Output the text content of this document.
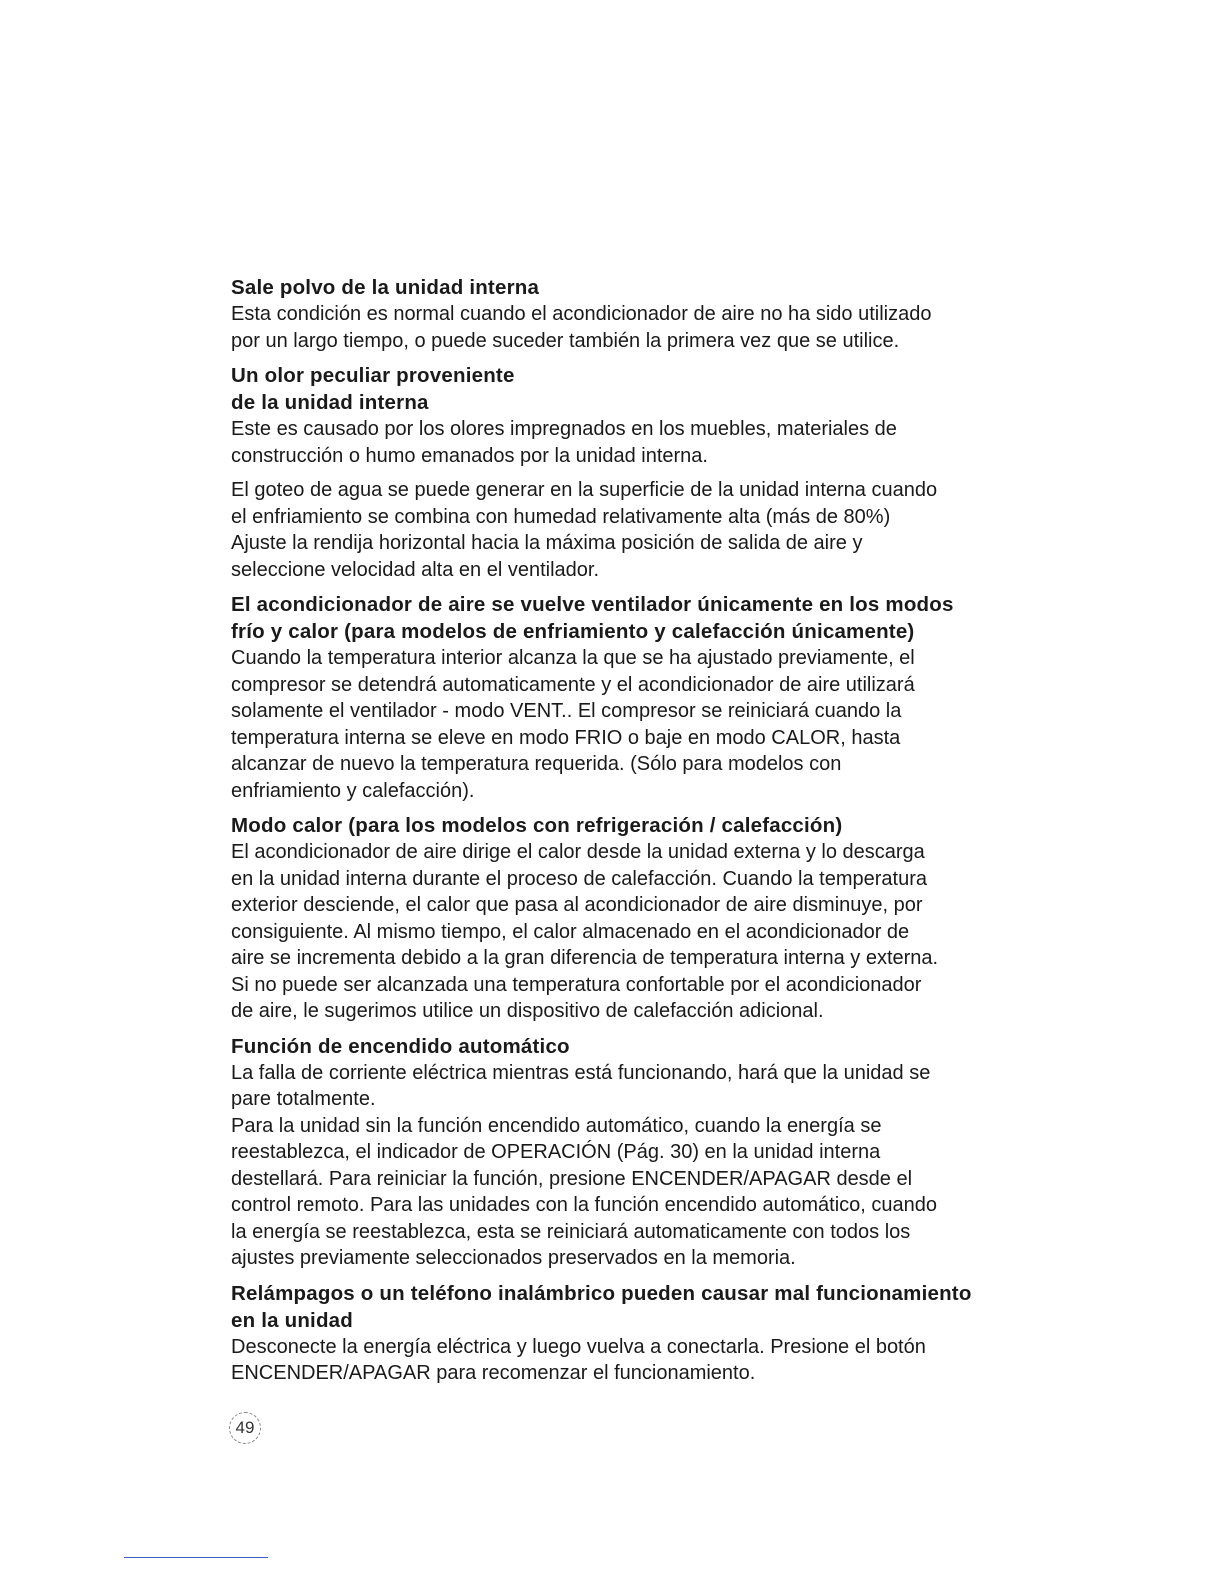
Sale polvo de la unidad interna
Esta condición es normal cuando el acondicionador de aire no ha sido utilizado
por un largo tiempo, o puede suceder también la primera vez que se utilice.
Un olor peculiar proveniente
de la unidad interna
Este es causado por los olores impregnados en los muebles, materiales de
construcción o humo emanados por la unidad interna.
El goteo de agua se puede generar en la superficie de la unidad interna cuando
el enfriamiento se combina con humedad relativamente alta (más de 80%)
Ajuste la rendija horizontal hacia la máxima posición de salida de aire y
seleccione velocidad alta en el ventilador.
El acondicionador de aire se vuelve ventilador únicamente en los modos
frío y calor (para modelos de enfriamiento y calefacción únicamente)
Cuando la temperatura interior alcanza la que se ha ajustado previamente, el
compresor se detendrá automaticamente y el acondicionador de aire utilizará
solamente el ventilador - modo VENT.. El compresor se reiniciará cuando la
temperatura interna se eleve en modo FRIO o baje en modo CALOR, hasta
alcanzar de nuevo la temperatura requerida. (Sólo para modelos con
enfriamiento y calefacción).
Modo calor (para los modelos con refrigeración / calefacción)
El acondicionador de aire dirige el calor desde la unidad externa y lo descarga
en la unidad interna durante el proceso de calefacción. Cuando la temperatura
exterior desciende, el calor que pasa al acondicionador de aire disminuye, por
consiguiente. Al mismo tiempo, el calor almacenado en el acondicionador de
aire se incrementa debido a la gran diferencia de temperatura interna y externa.
Si no puede ser alcanzada una temperatura confortable por el acondicionador
de aire, le sugerimos utilice un dispositivo de calefacción adicional.
Función de encendido automático
La falla de corriente eléctrica mientras está funcionando, hará que la unidad se
pare totalmente.
Para la unidad sin la función encendido automático, cuando la energía se
reestablezca, el indicador de OPERACIÓN (Pág. 30) en la unidad interna
destellará. Para reiniciar la función, presione ENCENDER/APAGAR desde el
control remoto. Para las unidades con la función encendido automático, cuando
la energía se reestablezca, esta se reiniciará automaticamente con todos los
ajustes previamente seleccionados preservados en la memoria.
Relámpagos o un teléfono inalámbrico pueden causar mal funcionamiento
en la unidad
Desconecte la energía eléctrica y luego vuelva a conectarla. Presione el botón
ENCENDER/APAGAR para recomenzar el funcionamiento.
49
